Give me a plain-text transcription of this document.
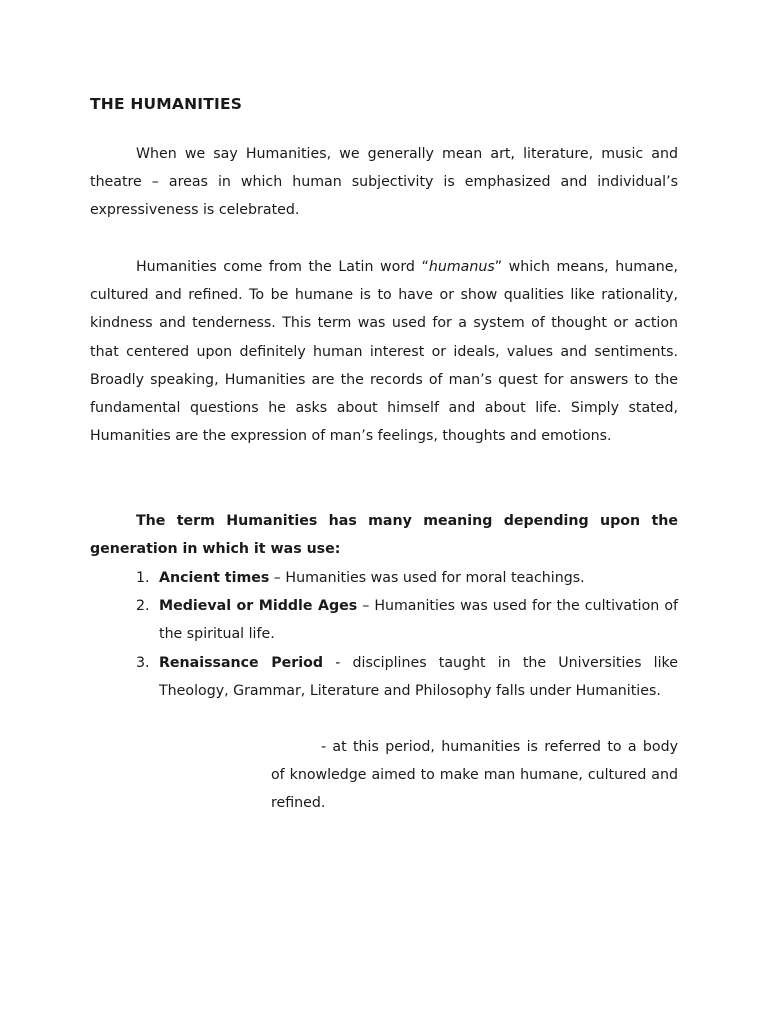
THE HUMANITIES

When we say Humanities, we generally mean art, literature, music and theatre – areas in which human subjectivity is emphasized and individual’s expressiveness is celebrated.

Humanities come from the Latin word “humanus” which means, humane, cultured and refined. To be humane is to have or show qualities like rationality, kindness and tenderness. This term was used for a system of thought or action that centered upon definitely human interest or ideals, values and sentiments. Broadly speaking, Humanities are the records of man’s quest for answers to the fundamental questions he asks about himself and about life. Simply stated, Humanities are the expression of man’s feelings, thoughts and emotions.

The term Humanities has many meaning depending upon the generation in which it was use:

1. Ancient times – Humanities was used for moral teachings.
2. Medieval or Middle Ages – Humanities was used for the cultivation of the spiritual life.
3. Renaissance Period - disciplines taught in the Universities like Theology, Grammar, Literature and Philosophy falls under Humanities.

- at this period, humanities is referred to a body of knowledge aimed to make man humane, cultured and refined.
